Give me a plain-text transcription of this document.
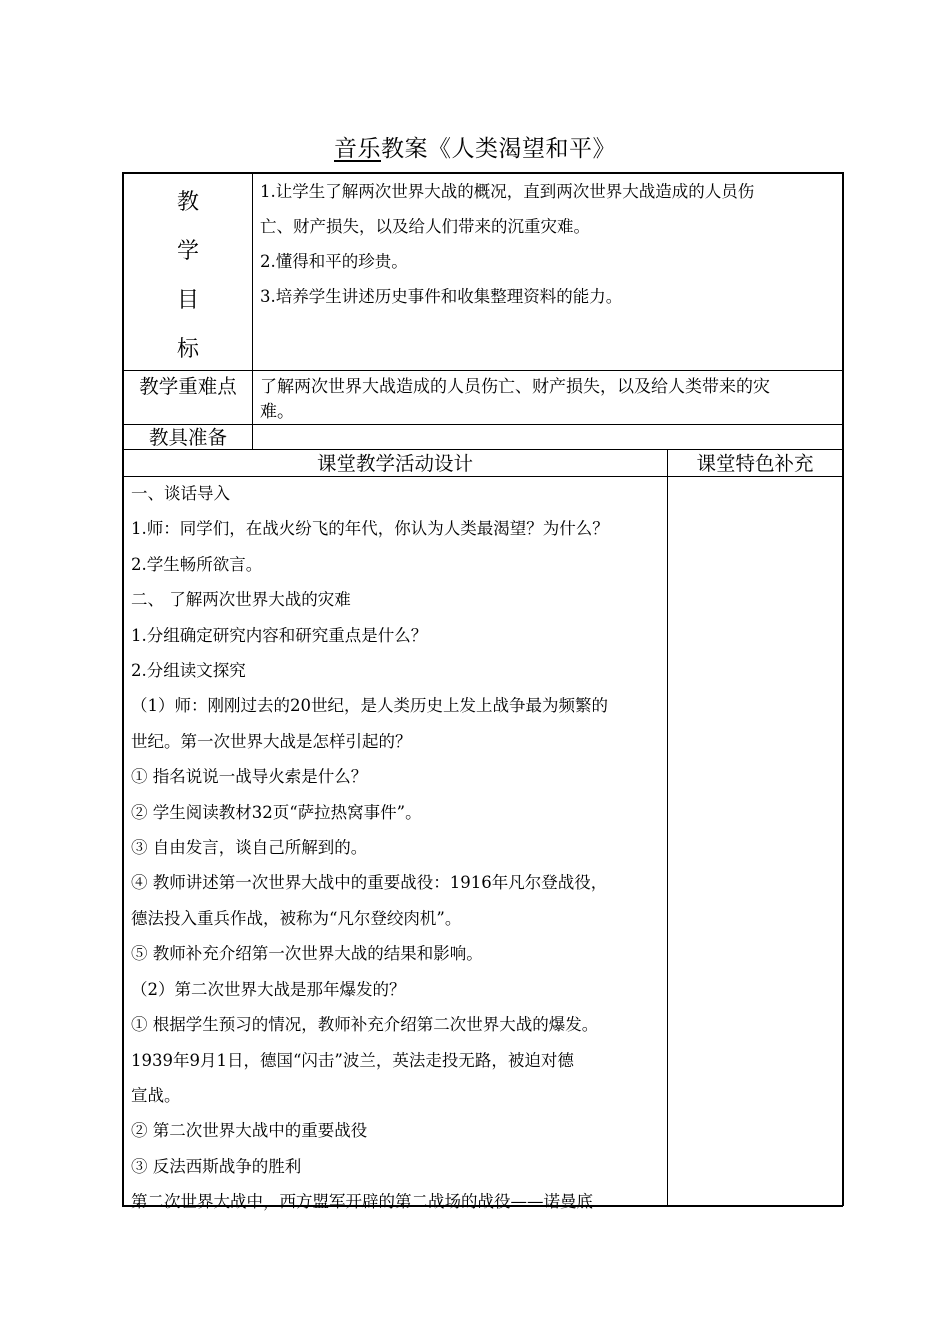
音乐教案《人类渴望和平》
教
学
目
标

1.让学生了解两次世界大战的概况，直到两次世界大战造成的人员伤

亡、财产损失，以及给人们带来的沉重灾难。

2.懂得和平的珍贵。

3.培养学生讲述历史事件和收集整理资料的能力。

教学重难点	了解两次世界大战造成的人员伤亡、财产损失，以及给人类带来的灾
难。
教具准备
课堂教学活动设计	课堂特色补充

一、谈话导入

1.师：同学们，在战火纷飞的年代，你认为人类最渴望？为什么？

2.学生畅所欲言。

二、 了解两次世界大战的灾难

1.分组确定研究内容和研究重点是什么？

2.分组读文探究

（1）师：刚刚过去的20世纪，是人类历史上发上战争最为频繁的

世纪。第一次世界大战是怎样引起的？

① 指名说说一战导火索是什么？

② 学生阅读教材32页“萨拉热窝事件”。

③ 自由发言，谈自己所解到的。

④ 教师讲述第一次世界大战中的重要战役：1916年凡尔登战役，

德法投入重兵作战，被称为“凡尔登绞肉机”。

⑤ 教师补充介绍第一次世界大战的结果和影响。

（2）第二次世界大战是那年爆发的？

① 根据学生预习的情况，教师补充介绍第二次世界大战的爆发。

1939年9月1日，德国“闪击”波兰，英法走投无路，被迫对德

宣战。

② 第二次世界大战中的重要战役

③ 反法西斯战争的胜利

第二次世界大战中，西方盟军开辟的第二战场的战役——诺曼底
